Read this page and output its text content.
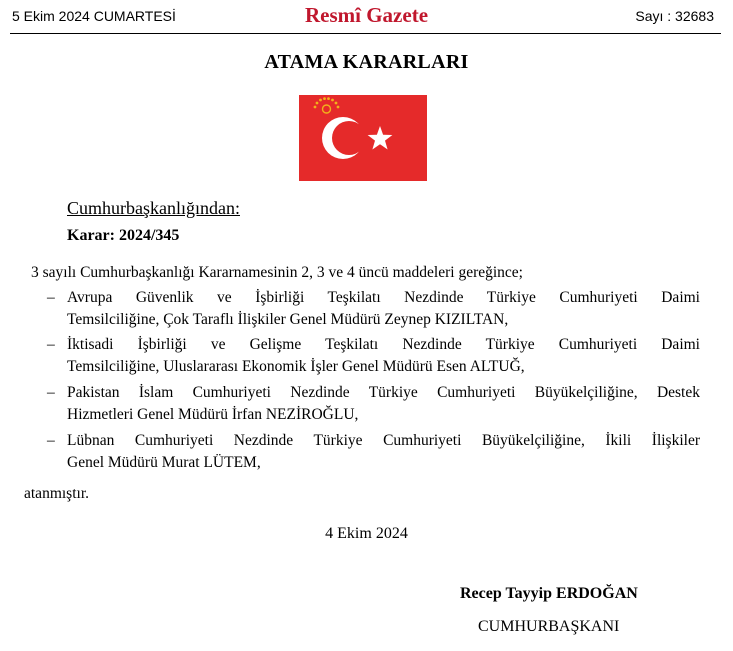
5 Ekim 2024 CUMARTESİ	Resmî Gazete	Sayı : 32683
ATAMA KARARLARI
Cumhurbaşkanlığından:
Karar: 2024/345
3 sayılı Cumhurbaşkanlığı Kararnamesinin 2, 3 ve 4 üncü maddeleri gereğince;
– Avrupa Güvenlik ve İşbirliği Teşkilatı Nezdinde Türkiye Cumhuriyeti Daimi
Temsilciliğine, Çok Taraflı İlişkiler Genel Müdürü Zeynep KIZILTAN,
– İktisadi İşbirliği ve Gelişme Teşkilatı Nezdinde Türkiye Cumhuriyeti Daimi
Temsilciliğine, Uluslararası Ekonomik İşler Genel Müdürü Esen ALTUĞ,
– Pakistan İslam Cumhuriyeti Nezdinde Türkiye Cumhuriyeti Büyükelçiliğine, Destek
Hizmetleri Genel Müdürü İrfan NEZİROĞLU,
– Lübnan Cumhuriyeti Nezdinde Türkiye Cumhuriyeti Büyükelçiliğine, İkili İlişkiler
Genel Müdürü Murat LÜTEM,
atanmıştır.
4 Ekim 2024
Recep Tayyip ERDOĞAN
CUMHURBAŞKANI
